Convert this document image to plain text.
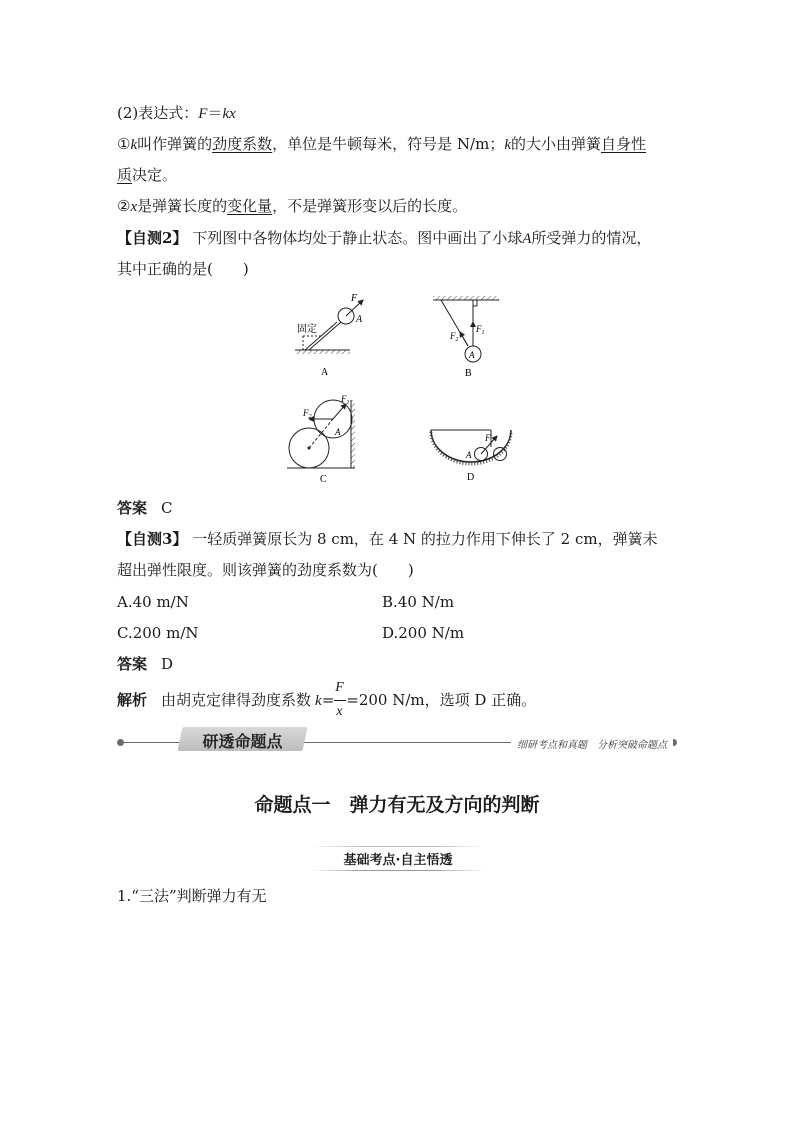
(2)表达式：F＝kx
①k叫作弹簧的劲度系数，单位是牛顿每米，符号是 N/m；k的大小由弹簧自身性
质决定。
②x是弹簧长度的变化量，不是弹簧形变以后的长度。
【自测2】 下列图中各物体均处于静止状态。图中画出了小球A所受弹力的情况，
其中正确的是(　　)
固定
F
A
A
$F_1$
$F_2$
A
B
$F_1$
$F_2$
A
C
F
A
D
答案 C
【自测3】 一轻质弹簧原长为 8 cm，在 4 N 的拉力作用下伸长了 2 cm，弹簧未
超出弹性限度。则该弹簧的劲度系数为(　　)
A.40 m/N	B.40 N/m
C.200 m/N	D.200 N/m
答案 D
解析 由胡克定律得劲度系数 $k= \frac{F}{x} =200$ N/m，选项 D 正确。
研透命题点	细研考点和真题　分析突破命题点
命题点一　弹力有无及方向的判断
基础考点·自主悟透
1.“三法”判断弹力有无
